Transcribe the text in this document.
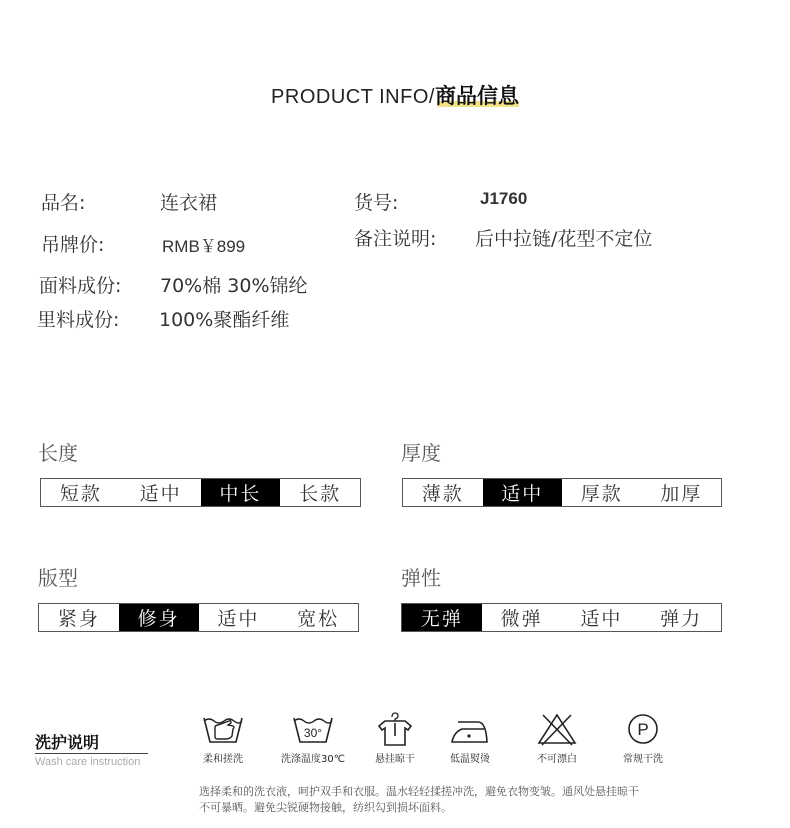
PRODUCT INFO/商品信息
品名:	连衣裙	货号:	J1760
吊牌价:	RMB￥899	备注说明: 后中拉链/花型不定位
面料成份: 70%棉 30%锦纶
里料成份: 100%聚酯纤维
长度
短款	适中	中长	长款
厚度
薄款	适中	厚款	加厚
版型
紧身	修身	适中	宽松
弹性
无弹	微弹	适中	弹力
洗护说明
Wash care instruction	柔和搓洗
30°
洗涤温度30℃	悬挂晾干	低温熨烫	不可漂白
P
常规干洗
选择柔和的洗衣液，呵护双手和衣服。温水轻轻揉搓冲洗，避免衣物变皱。通风处悬挂晾干
不可暴晒。避免尖锐硬物接触，纺织勾到损坏面料。
